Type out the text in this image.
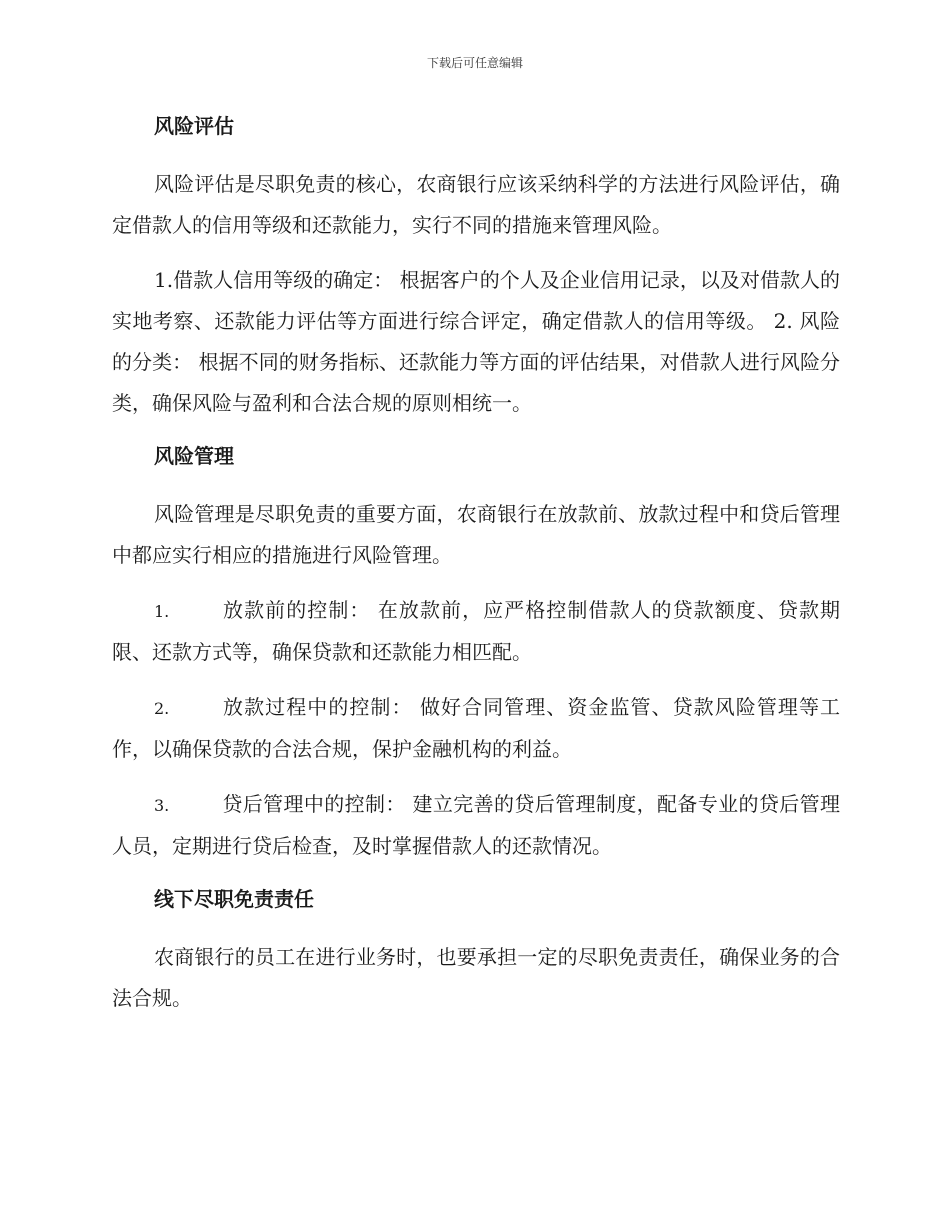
下载后可任意编辑
风险评估

风险评估是尽职免责的核心，农商银行应该采纳科学的方法进行风险评估，确定借款人的信用等级和还款能力，实行不同的措施来管理风险。

1.借款人信用等级的确定： 根据客户的个人及企业信用记录，以及对借款人的实地考察、还款能力评估等方面进行综合评定，确定借款人的信用等级。 2. 风险的分类： 根据不同的财务指标、还款能力等方面的评估结果，对借款人进行风险分类，确保风险与盈利和合法合规的原则相统一。

风险管理

风险管理是尽职免责的重要方面，农商银行在放款前、放款过程中和贷后管理中都应实行相应的措施进行风险管理。

1.	放款前的控制： 在放款前，应严格控制借款人的贷款额度、贷款期限、还款方式等，确保贷款和还款能力相匹配。

2.	放款过程中的控制： 做好合同管理、资金监管、贷款风险管理等工作，以确保贷款的合法合规，保护金融机构的利益。

3.	贷后管理中的控制： 建立完善的贷后管理制度，配备专业的贷后管理人员，定期进行贷后检查，及时掌握借款人的还款情况。

线下尽职免责责任

农商银行的员工在进行业务时，也要承担一定的尽职免责责任，确保业务的合法合规。
